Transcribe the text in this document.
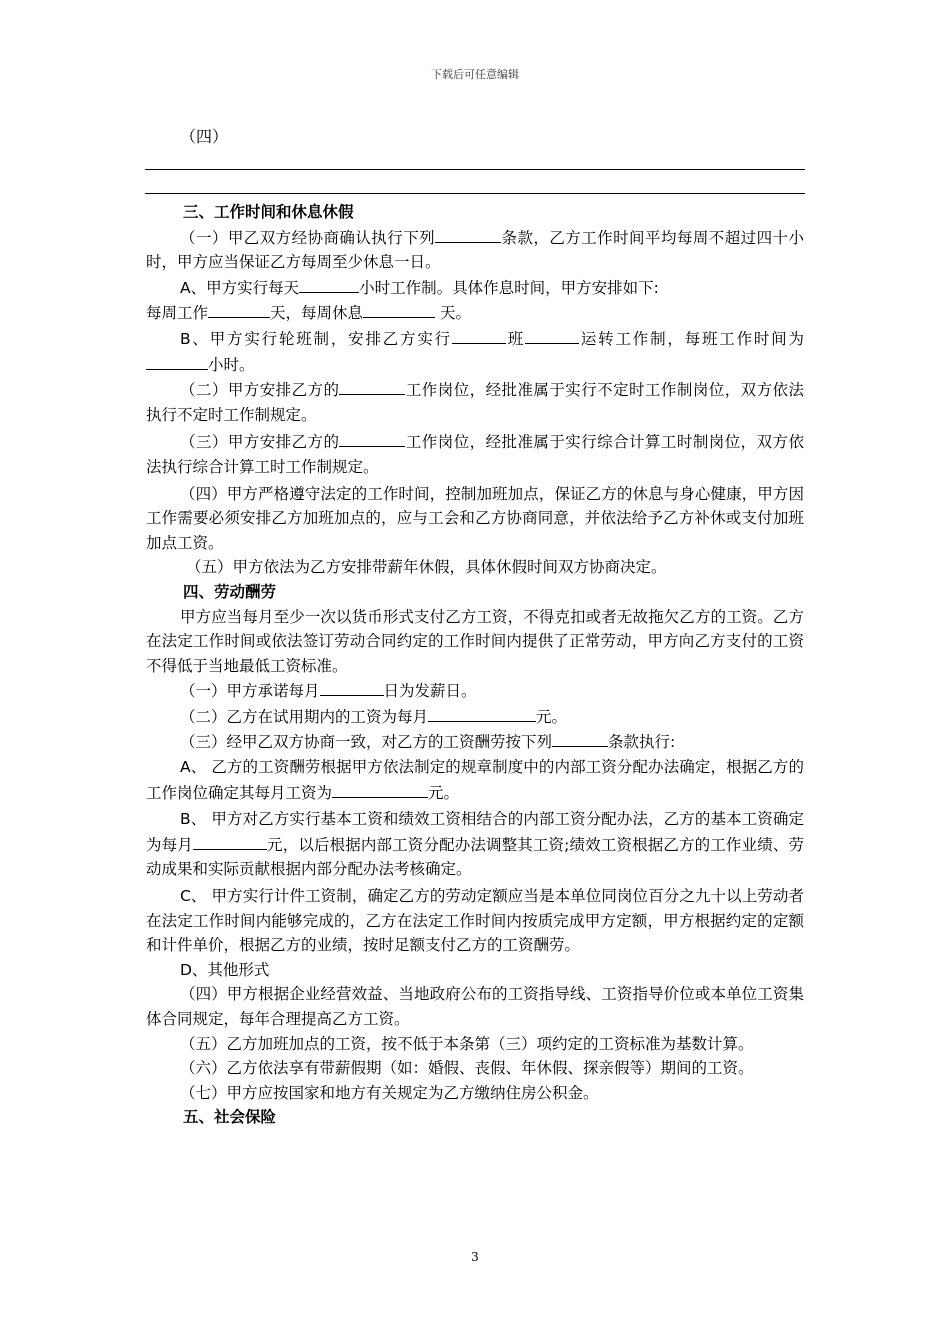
下载后可任意编辑
（四）

三、工作时间和休息休假

（一）甲乙双方经协商确认执行下列	条款，乙方工作时间平均每周不超过四十小时，甲方应当保证乙方每周至少休息一日。

A、甲方实行每天	小时工作制。具体作息时间，甲方安排如下:

每周工作	天，每周休息	天。

B、甲方实行轮班制，安排乙方实行	班	运转工作制，每班工作时间为小时。

（二）甲方安排乙方的	工作岗位，经批准属于实行不定时工作制岗位，双方依法执行不定时工作制规定。

（三）甲方安排乙方的	工作岗位，经批准属于实行综合计算工时制岗位，双方依法执行综合计算工时工作制规定。

（四）甲方严格遵守法定的工作时间，控制加班加点，保证乙方的休息与身心健康，甲方因工作需要必须安排乙方加班加点的，应与工会和乙方协商同意，并依法给予乙方补休或支付加班加点工资。

（五）甲方依法为乙方安排带薪年休假，具体休假时间双方协商决定。

四、劳动酬劳

甲方应当每月至少一次以货币形式支付乙方工资，不得克扣或者无故拖欠乙方的工资。乙方在法定工作时间或依法签订劳动合同约定的工作时间内提供了正常劳动，甲方向乙方支付的工资不得低于当地最低工资标准。

（一）甲方承诺每月	日为发薪日。

（二）乙方在试用期内的工资为每月	元。

（三）经甲乙双方协商一致，对乙方的工资酬劳按下列	条款执行:

A、 乙方的工资酬劳根据甲方依法制定的规章制度中的内部工资分配办法确定，根据乙方的工作岗位确定其每月工资为	元。

B、 甲方对乙方实行基本工资和绩效工资相结合的内部工资分配办法，乙方的基本工资确定为每月	元，以后根据内部工资分配办法调整其工资;绩效工资根据乙方的工作业绩、劳动成果和实际贡献根据内部分配办法考核确定。

C、 甲方实行计件工资制，确定乙方的劳动定额应当是本单位同岗位百分之九十以上劳动者在法定工作时间内能够完成的，乙方在法定工作时间内按质完成甲方定额，甲方根据约定的定额和计件单价，根据乙方的业绩，按时足额支付乙方的工资酬劳。

D、其他形式

（四）甲方根据企业经营效益、当地政府公布的工资指导线、工资指导价位或本单位工资集体合同规定，每年合理提高乙方工资。

（五）乙方加班加点的工资，按不低于本条第（三）项约定的工资标准为基数计算。

（六）乙方依法享有带薪假期（如：婚假、丧假、年休假、探亲假等）期间的工资。

（七）甲方应按国家和地方有关规定为乙方缴纳住房公积金。

五、社会保险

3
